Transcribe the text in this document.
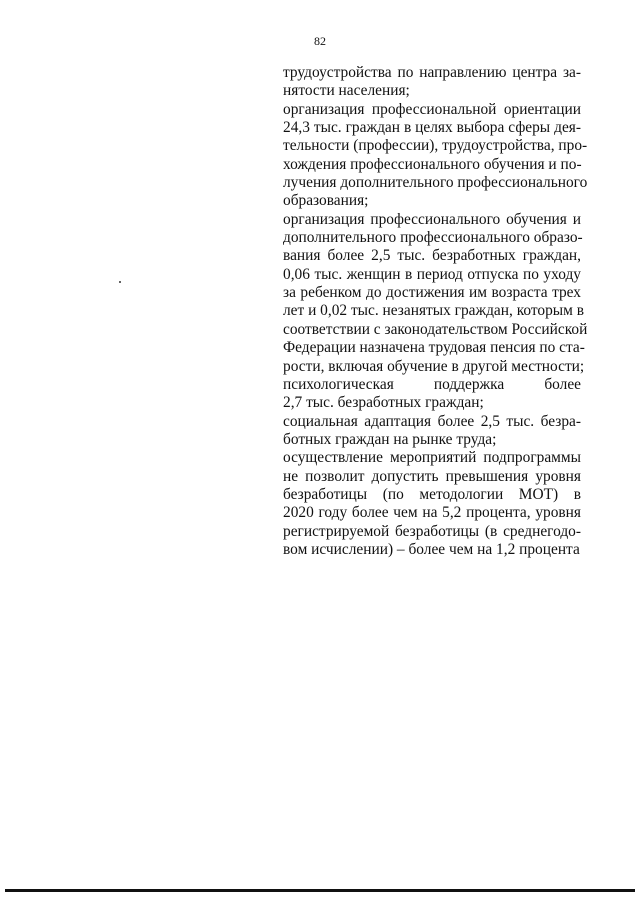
82
трудоустройства по направлению центра за-
нятости населения;
организация профессиональной ориентации
24,3 тыс. граждан в целях выбора сферы дея-
тельности (профессии), трудоустройства, про-
хождения профессионального обучения и по-
лучения дополнительного профессионального
образования;
организация профессионального обучения и
дополнительного профессионального образо-
вания более 2,5 тыс. безработных граждан,
0,06 тыс. женщин в период отпуска по уходу
за ребенком до достижения им возраста трех
лет и 0,02 тыс. незанятых граждан, которым в
соответствии с законодательством Российской
Федерации назначена трудовая пенсия по ста-
рости, включая обучение в другой местности;
психологическая поддержка более
2,7 тыс. безработных граждан;
социальная адаптация более 2,5 тыс. безра-
ботных граждан на рынке труда;
осуществление мероприятий подпрограммы
не позволит допустить превышения уровня
безработицы (по методологии МОТ) в
2020 году более чем на 5,2 процента, уровня
регистрируемой безработицы (в среднегодо-
вом исчислении) – более чем на 1,2 процента
